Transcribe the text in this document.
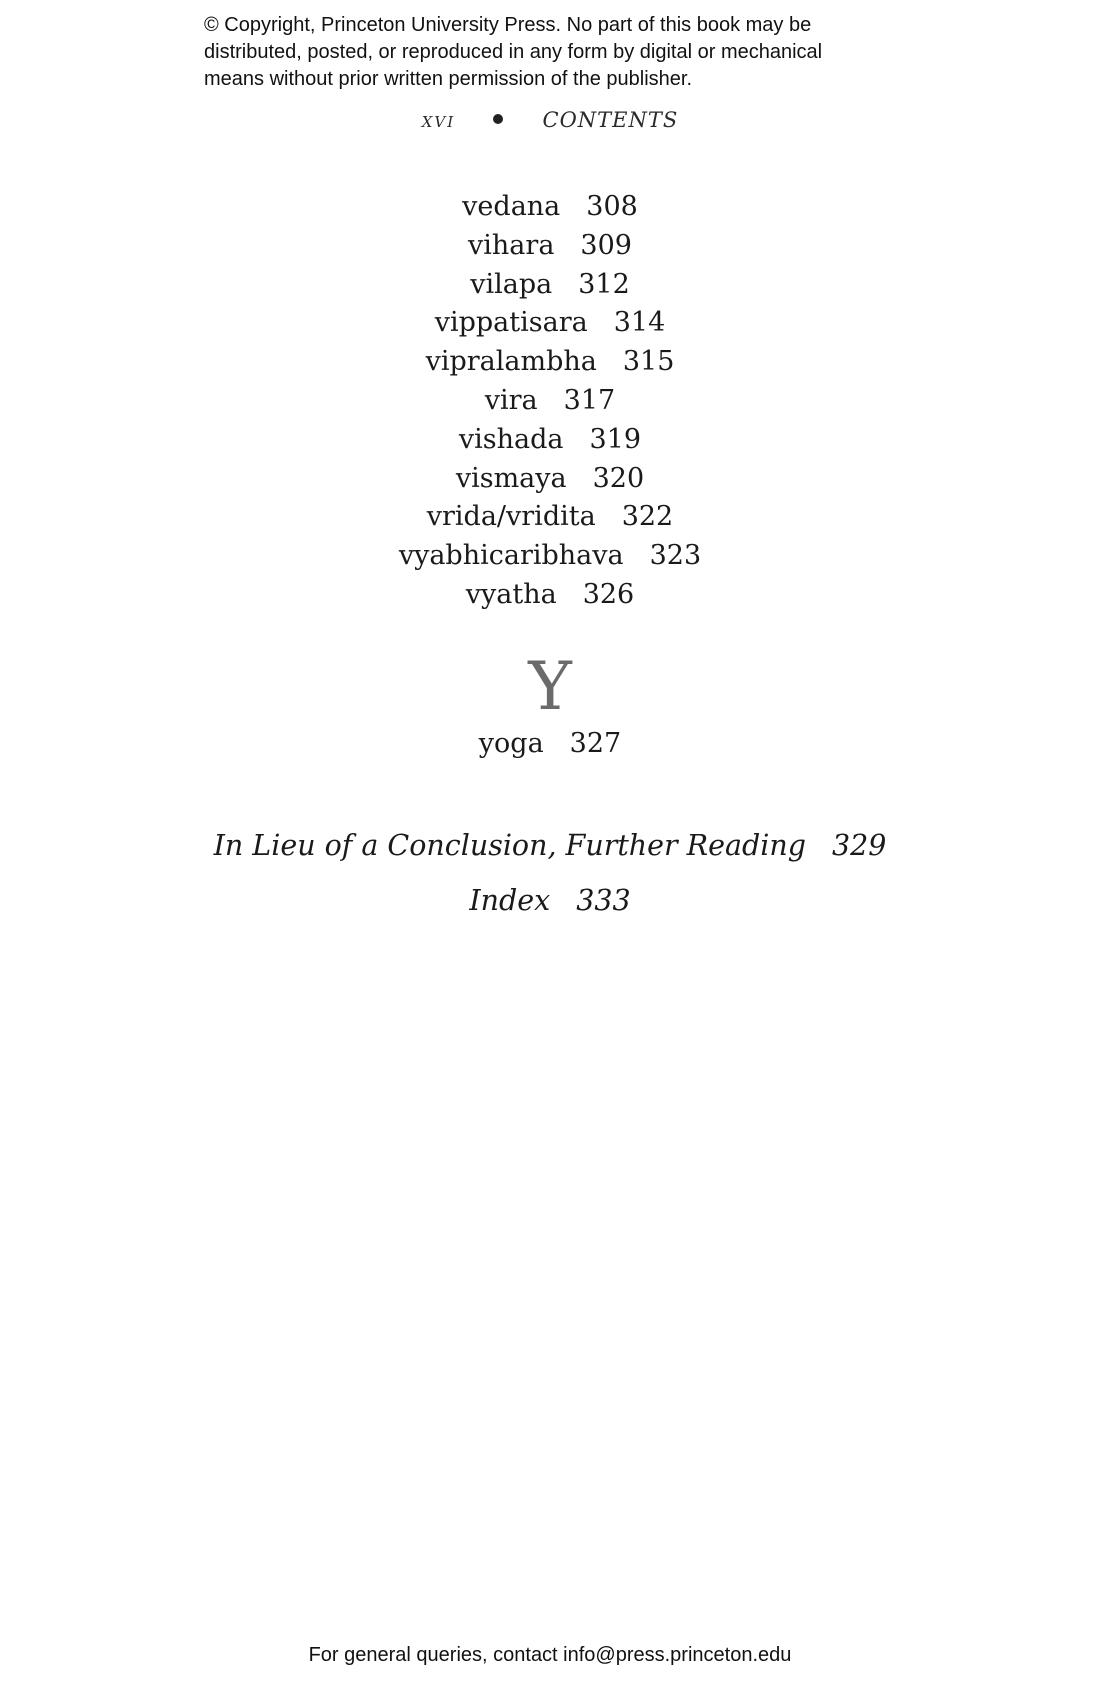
© Copyright, Princeton University Press. No part of this book may be
distributed, posted, or reproduced in any form by digital or mechanical
means without prior written permission of the publisher.
xvi	CONTENTS
vedana 308
vihara 309
vilapa 312
vippatisara 314
vipralambha 315
vira 317
vishada 319
vismaya 320
vrida/vridita 322
vyabhicaribhava 323
vyatha 326
Y
yoga 327
In Lieu of a Conclusion, Further Reading 329
Index 333
For general queries, contact info@press.princeton.edu
